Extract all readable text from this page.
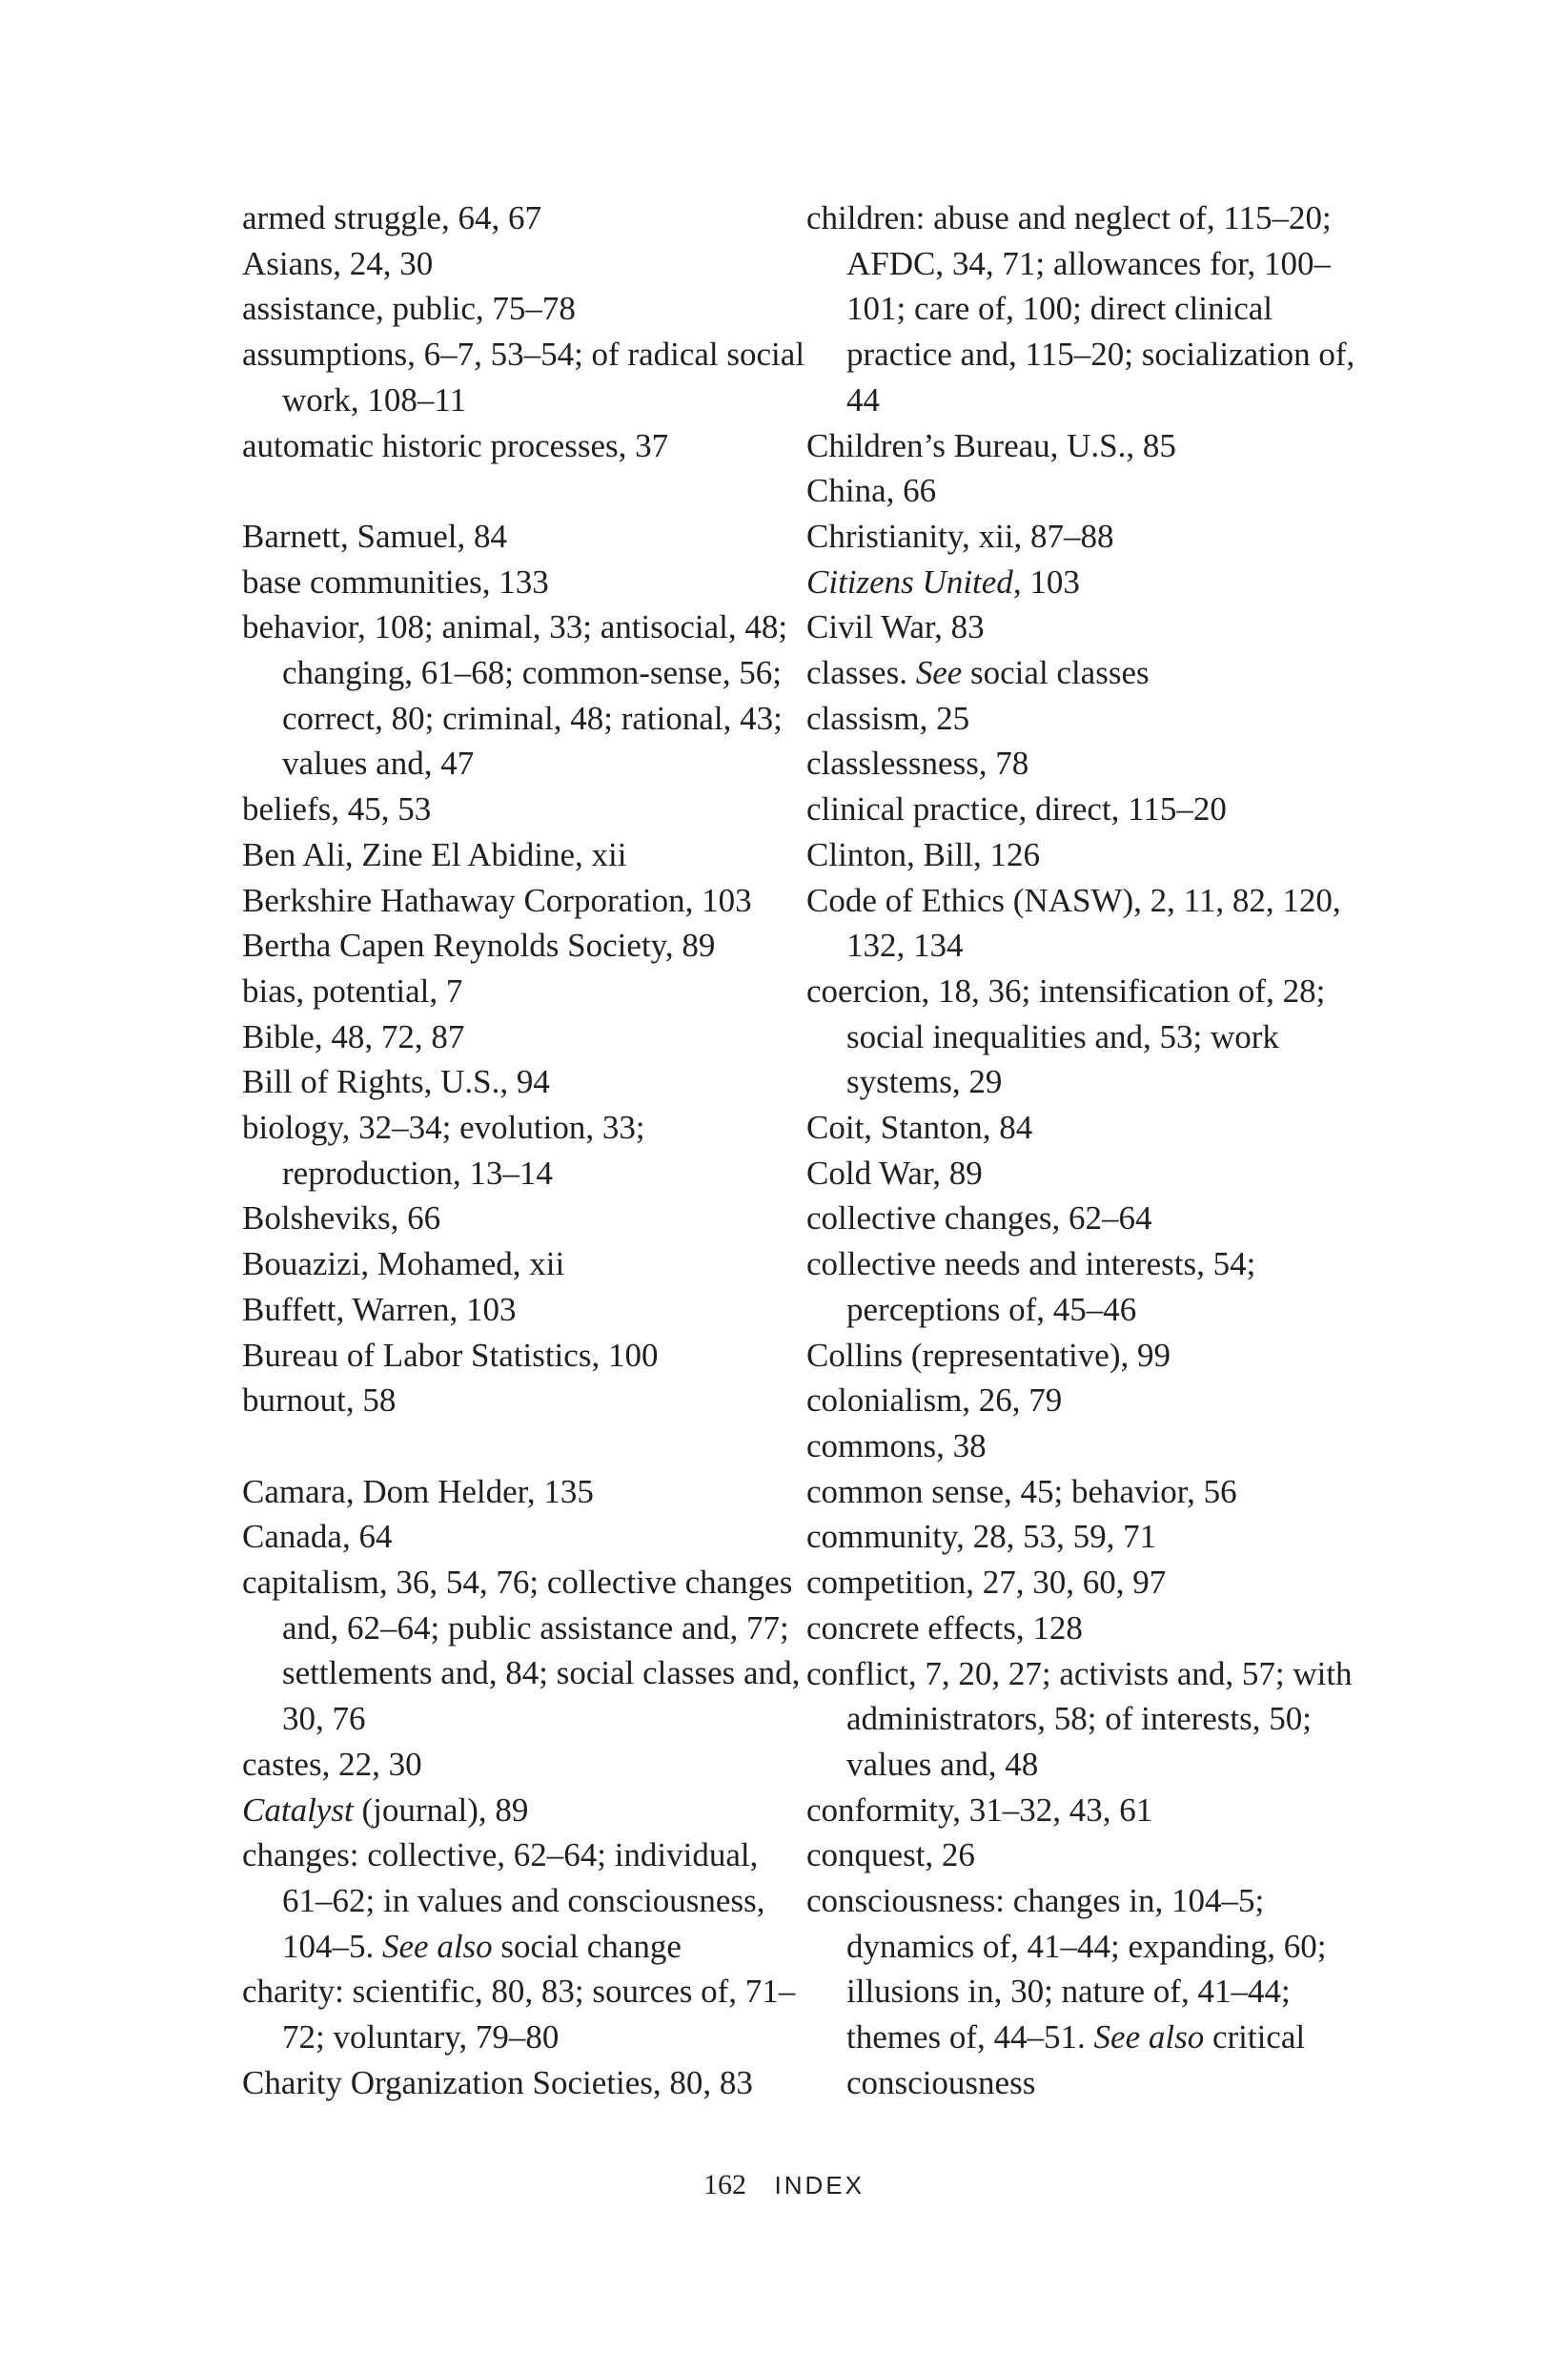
armed struggle, 64, 67

Asians, 24, 30

assistance, public, 75–78

assumptions, 6–7, 53–54; of radical social work, 108–11

automatic historic processes, 37

Barnett, Samuel, 84

base communities, 133

behavior, 108; animal, 33; antisocial, 48; changing, 61–68; common-sense, 56; correct, 80; criminal, 48; rational, 43; values and, 47

beliefs, 45, 53

Ben Ali, Zine El Abidine, xii

Berkshire Hathaway Corporation, 103

Bertha Capen Reynolds Society, 89

bias, potential, 7

Bible, 48, 72, 87

Bill of Rights, U.S., 94

biology, 32–34; evolution, 33; reproduction, 13–14

Bolsheviks, 66

Bouazizi, Mohamed, xii

Buffett, Warren, 103

Bureau of Labor Statistics, 100

burnout, 58

Camara, Dom Helder, 135

Canada, 64

capitalism, 36, 54, 76; collective changes and, 62–64; public assistance and, 77; settlements and, 84; social classes and, 30, 76

castes, 22, 30

Catalyst (journal), 89

changes: collective, 62–64; individual, 61–62; in values and consciousness, 104–5. See also social change

charity: scientific, 80, 83; sources of, 71–72; voluntary, 79–80

Charity Organization Societies, 80, 83

children: abuse and neglect of, 115–20; AFDC, 34, 71; allowances for, 100–101; care of, 100; direct clinical practice and, 115–20; socialization of, 44

Children’s Bureau, U.S., 85

China, 66

Christianity, xii, 87–88

Citizens United, 103

Civil War, 83

classes. See social classes

classism, 25

classlessness, 78

clinical practice, direct, 115–20

Clinton, Bill, 126

Code of Ethics (NASW), 2, 11, 82, 120, 132, 134

coercion, 18, 36; intensification of, 28; social inequalities and, 53; work systems, 29

Coit, Stanton, 84

Cold War, 89

collective changes, 62–64

collective needs and interests, 54; perceptions of, 45–46

Collins (representative), 99

colonialism, 26, 79

commons, 38

common sense, 45; behavior, 56

community, 28, 53, 59, 71

competition, 27, 30, 60, 97

concrete effects, 128

conflict, 7, 20, 27; activists and, 57; with administrators, 58; of interests, 50; values and, 48

conformity, 31–32, 43, 61

conquest, 26

consciousness: changes in, 104–5; dynamics of, 41–44; expanding, 60; illusions in, 30; nature of, 41–44; themes of, 44–51. See also critical consciousness

162 INDEX
